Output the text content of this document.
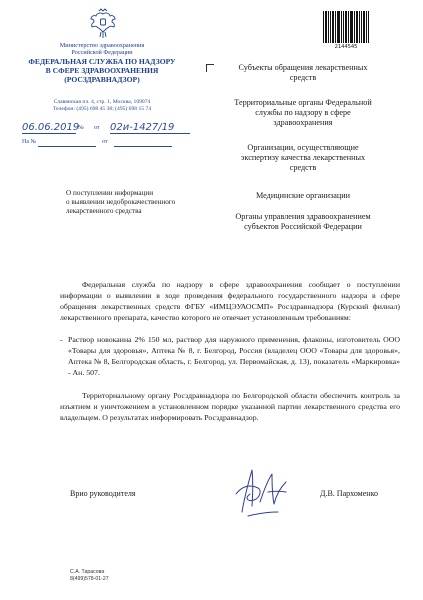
Министерство здравоохранения
Российской Федерации
ФЕДЕРАЛЬНАЯ СЛУЖБА ПО НАДЗОРУ
В СФЕРЕ ЗДРАВООХРАНЕНИЯ
(РОСЗДРАВНАДЗОР)
Славянская пл. 4, стр. 1, Москва, 109074
Телефон: (495) 698 45 38; (495) 698 15 74
06.06.2019
№ от 02и-1427/19
На №	от
2144545
Субъекты обращения лекарственных средств
Территориальные органы Федеральной службы по надзору в сфере здравоохранения
Организации, осуществляющие экспертизу качества лекарственных средств
Медицинские организации
Органы управления здравоохранением субъектов Российской Федерации
О поступлении информации
о выявлении недоброкачественного
лекарственного средства
Федеральная служба по надзору в сфере здравоохранения сообщает о поступлении информации о выявлении в ходе проведения федерального государственного надзора в сфере обращения лекарственных средств ФГБУ «ИМЦЭУАОСМП» Росздравнадзора (Курский филиал) лекарственного препарата, качество которого не отвечает установленным требованиям:
- Раствор новокаина 2% 150 мл, раствор для наружного применения, флаконы, изготовитель ООО «Товары для здоровья», Аптека № 8, г. Белгород, Россия (владелец ООО «Товары для здоровья», Аптека № 8, Белгородская область, г. Белгород, ул. Первомайская, д. 13), показатель «Маркировка» - Ан. 507.
Территориальному органу Росздравнадзора по Белгородской области обеспечить контроль за изъятием и уничтожением в установленном порядке указанной партии лекарственного средства его владельцем. О результатах информировать Росздравнадзор.
Врио руководителя	Д.В. Пархоменко
С.А. Тарасова
8(499)578-01-27
